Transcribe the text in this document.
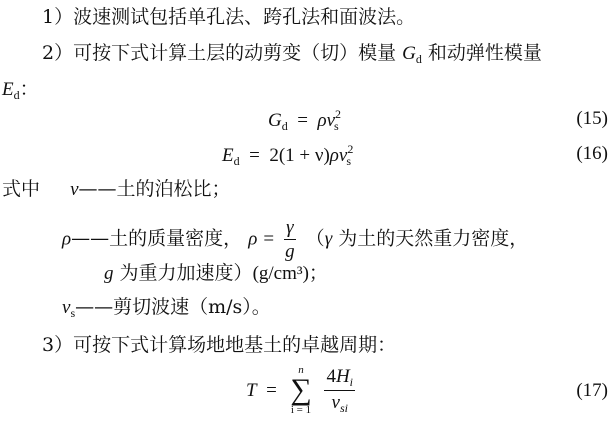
1）波速测试包括单孔法、跨孔法和面波法。
2）可按下式计算土层的动剪变（切）模量 $G_d$ 和动弹性模量
$E_d$：
$G_d = \rho v^2_s$	(15)
$E_d = 2(1 + \nu)\rho v^2_s$	(16)
式中 ν——土的泊松比；
ρ——土的质量密度， $\rho = \frac{\gamma}{g} (\gamma$ 为土的天然重力密度，
g 为重力加速度）(g/cm³)；
$v_s——$剪切波速（m/s）。
3）可按下式计算场地地基土的卓越周期：
T  =
n
∑
i = 1
$\frac{4H_i}{v_{si}}$	(17)
